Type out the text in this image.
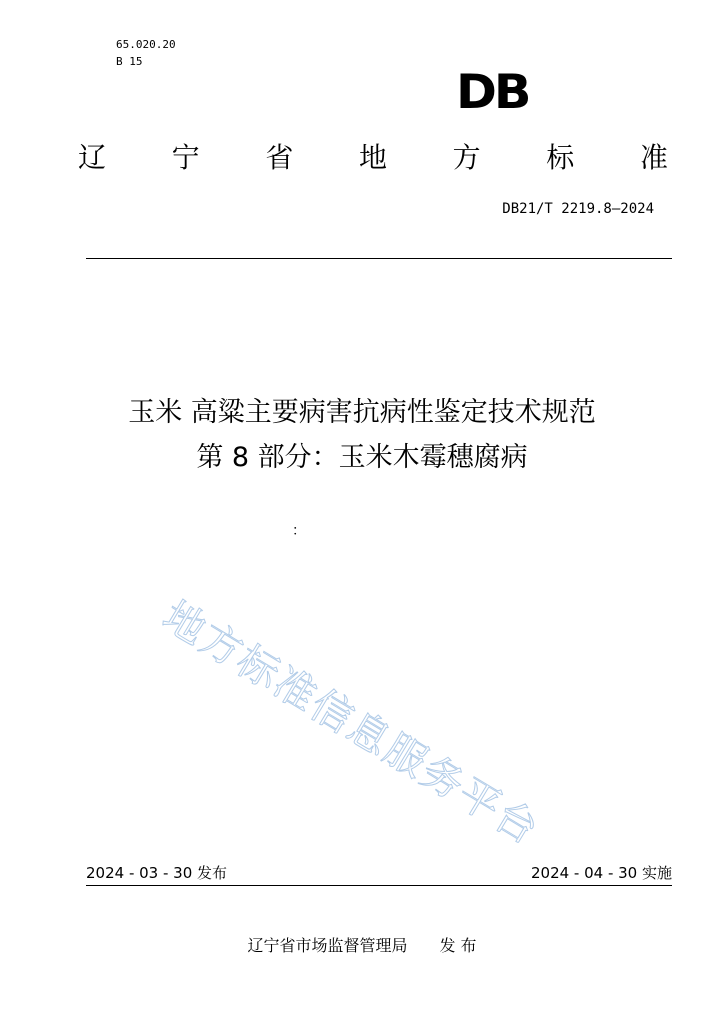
65.020.20
B 15
DB
辽 宁 省 地 方 标 准
DB21/T 2219.8—2024
玉米 高粱主要病害抗病性鉴定技术规范
第 8 部分：玉米木霉穗腐病
：
地方标准信息服务平台
2024 - 03 - 30 发布	2024 - 04 - 30 实施
辽宁省市场监督管理局 发 布
